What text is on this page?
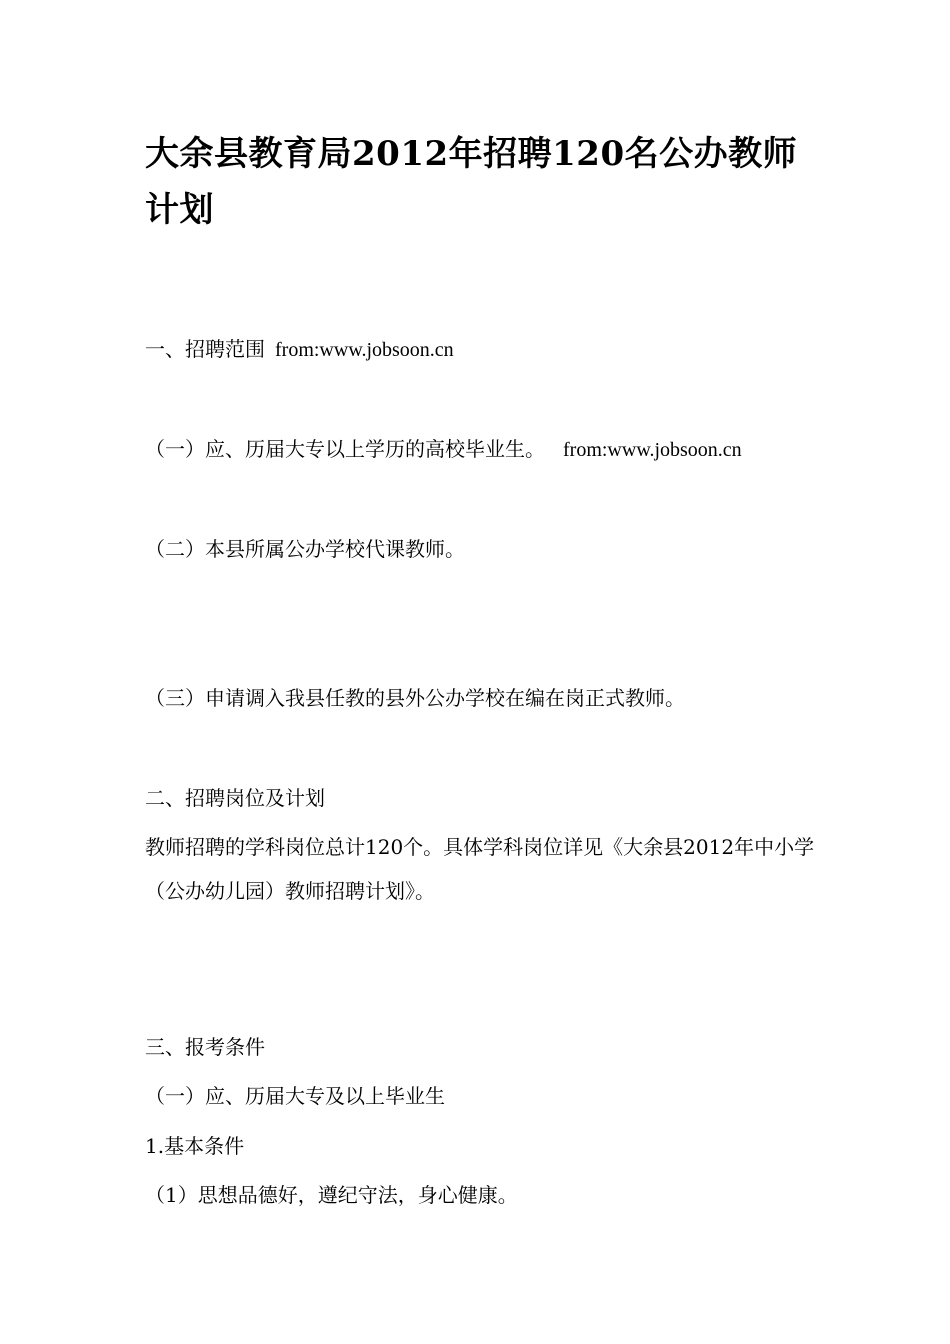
大余县教育局2012年招聘120名公办教师计划

一、招聘范围 from:www.jobsoon.cn

（一）应、历届大专以上学历的高校毕业生。 from:www.jobsoon.cn

（二）本县所属公办学校代课教师。

（三）申请调入我县任教的县外公办学校在编在岗正式教师。

二、招聘岗位及计划

教师招聘的学科岗位总计120个。具体学科岗位详见《大余县2012年中小学（公办幼儿园）教师招聘计划》。

三、报考条件

（一）应、历届大专及以上毕业生

1.基本条件

（1）思想品德好，遵纪守法，身心健康。
